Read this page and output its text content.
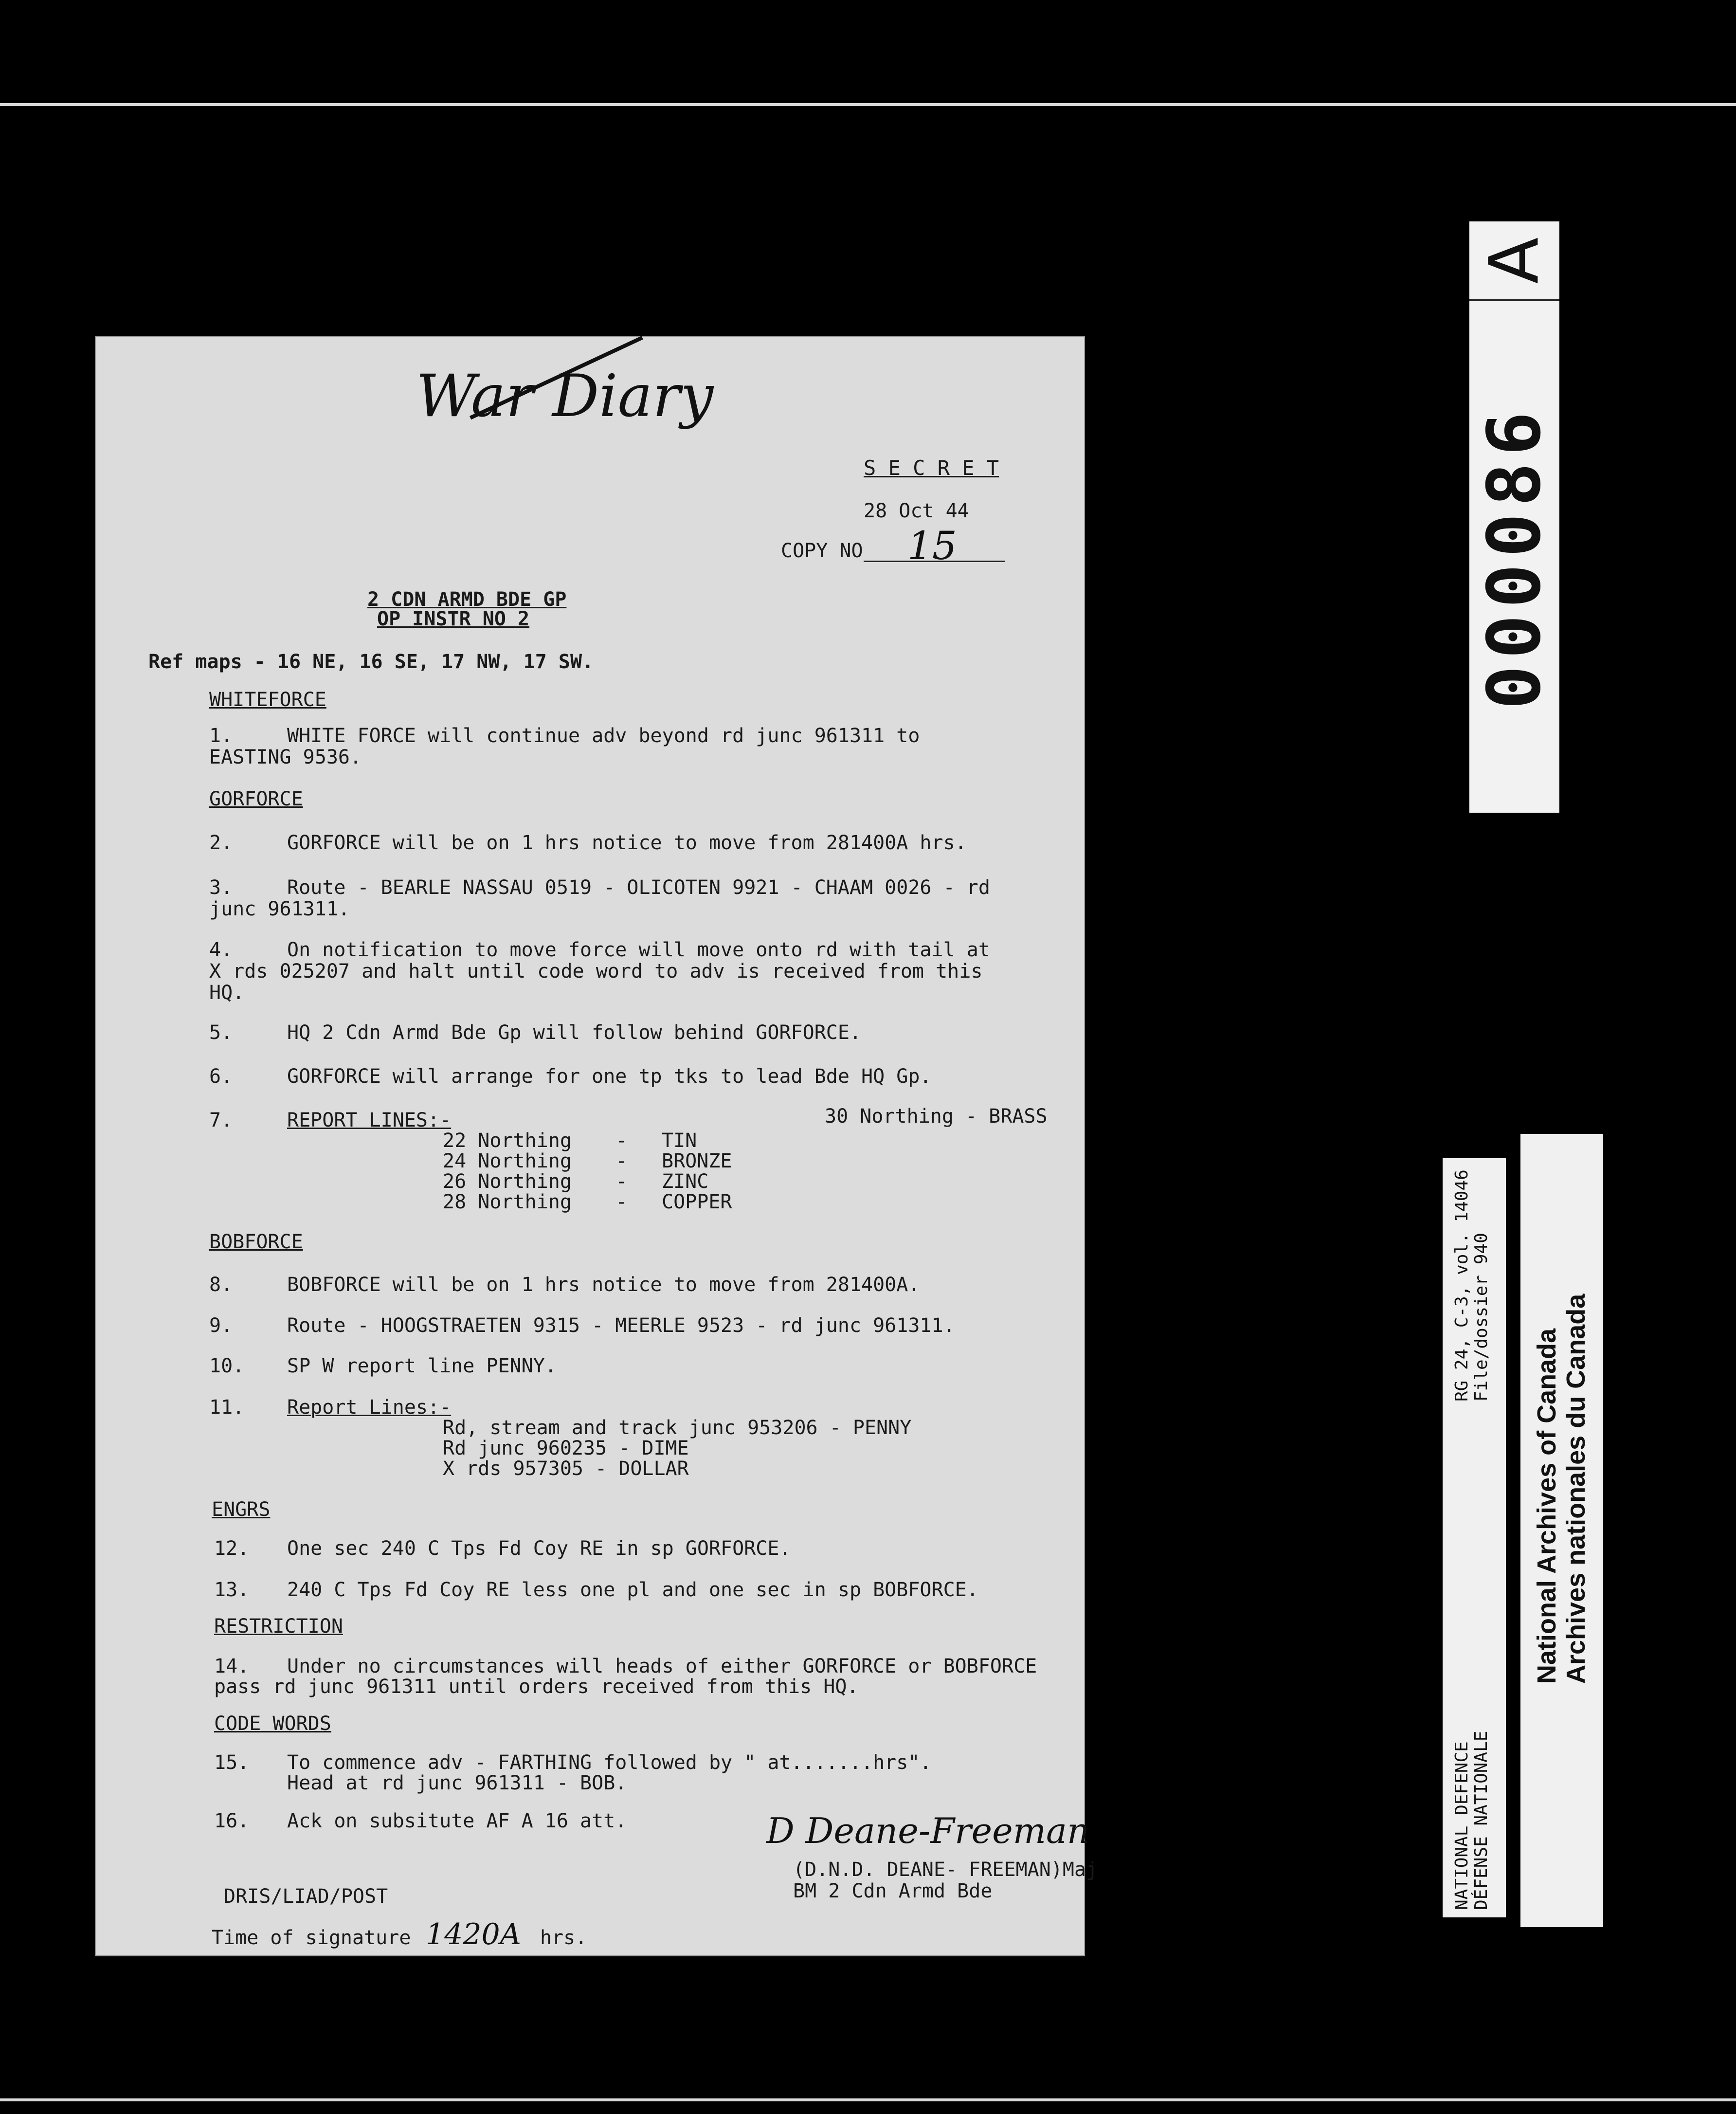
War Diary
S E C R E T
28 Oct 44
COPY NO 15
2 CDN ARMD BDE GP
OP INSTR NO 2
Ref maps - 16 NE, 16 SE, 17 NW, 17 SW.
WHITEFORCE
1.	WHITE FORCE will continue adv beyond rd junc 961311 to
EASTING 9536.
GORFORCE
2.	GORFORCE will be on 1 hrs notice to move from 281400A hrs.
3.	Route - BEARLE NASSAU 0519 - OLICOTEN 9921 - CHAAM 0026 - rd
junc 961311.
4.	On notification to move force will move onto rd with tail at
X rds 025207 and halt until code word to adv is received from this
HQ.
5.	HQ 2 Cdn Armd Bde Gp will follow behind GORFORCE.
6.	GORFORCE will arrange for one tp tks to lead Bde HQ Gp.
7.	REPORT LINES:-
22 Northing - TIN
24 Northing - BRONZE
26 Northing - ZINC
28 Northing - COPPER
30 Northing - BRASS
BOBFORCE
8.	BOBFORCE will be on 1 hrs notice to move from 281400A.
9.	Route - HOOGSTRAETEN 9315 - MEERLE 9523 - rd junc 961311.
10. SP W report line PENNY.
11. Report Lines:-
Rd, stream and track junc 953206 - PENNY
Rd junc 960235 - DIME
X rds 957305 - DOLLAR
ENGRS
12. One sec 240 C Tps Fd Coy RE in sp GORFORCE.
13. 240 C Tps Fd Coy RE less one pl and one sec in sp BOBFORCE.
RESTRICTION
14. Under no circumstances will heads of either GORFORCE or BOBFORCE
pass rd junc 961311 until orders received from this HQ.
CODE WORDS
15. To commence adv - FARTHING followed by " at.......hrs".
Head at rd junc 961311 - BOB.
16. Ack on subsitute AF A 16 att.	D Deane-Freeman
(D.N.D. DEANE- FREEMAN)Maj
BM 2 Cdn Armd Bde
DRIS/LIAD/POST
Time of signature 1420A hrs.
A
000086
NATIONAL DEFENCE DÉFENSE NATIONALE
RG 24, C-3, vol. 14046 File/dossier 940
National Archives of Canada Archives nationales du Canada
